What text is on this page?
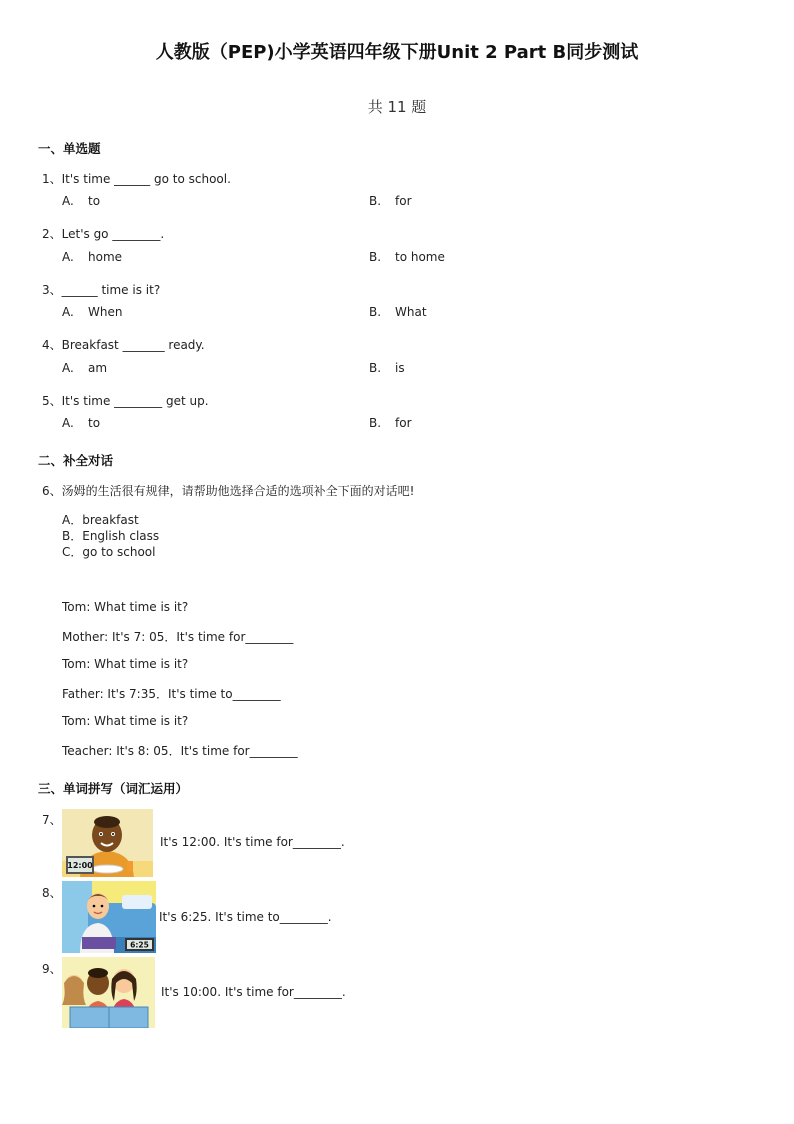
人教版（PEP)小学英语四年级下册Unit 2 Part B同步测试
共 11 题
一、单选题
1、It's time ______ go to school.
A. to	B. for
2、Let's go ________.
A. home	B. to home
3、______ time is it?
A. When	B. What
4、Breakfast _______ ready.
A. am	B. is
5、It's time ________ get up.
A. to	B. for
二、补全对话
6、汤姆的生活很有规律，请帮助他选择合适的选项补全下面的对话吧!
A．breakfast
B．English class
C．go to school
Tom: What time is it?
Mother: It's 7: 05．It's time for________
Tom: What time is it?
Father: It's 7:35．It's time to________
Tom: What time is it?
Teacher: It's 8: 05．It's time for________
三、单词拼写（词汇运用）
7、
12:00
It's 12:00. It's time for________.
8、
6:25
It's 6:25. It's time to________.
9、
It's 10:00. It's time for________.
